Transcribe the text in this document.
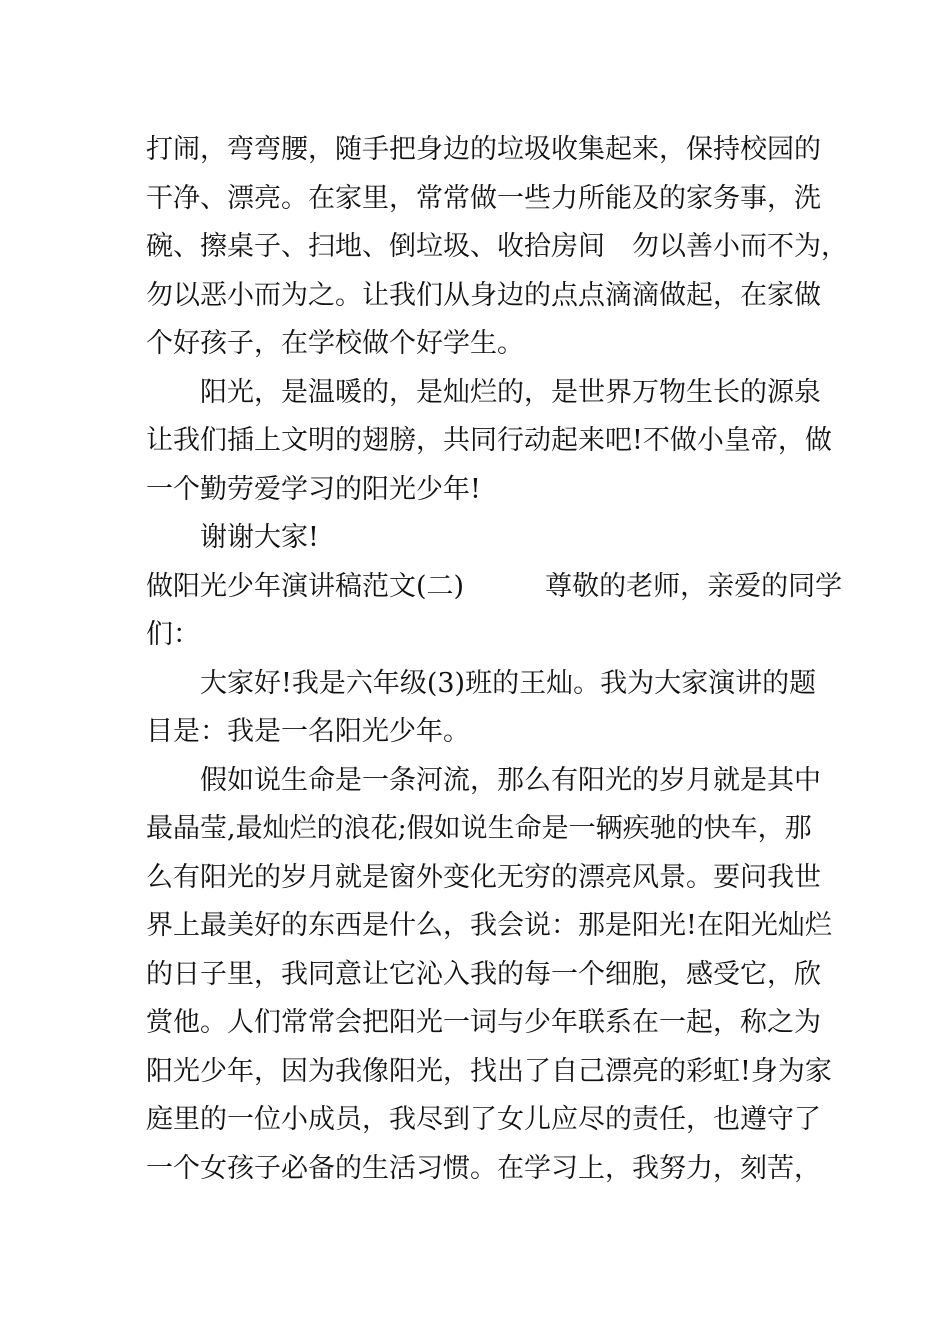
打闹，弯弯腰，随手把身边的垃圾收集起来，保持校园的
干净、漂亮。在家里，常常做一些力所能及的家务事，洗
碗、擦桌子、扫地、倒垃圾、收拾房间　勿以善小而不为，
勿以恶小而为之。让我们从身边的点点滴滴做起，在家做
个好孩子，在学校做个好学生。
阳光，是温暖的，是灿烂的，是世界万物生长的源泉
让我们插上文明的翅膀，共同行动起来吧!不做小皇帝，做
一个勤劳爱学习的阳光少年!
谢谢大家!
做阳光少年演讲稿范文(二)　　　尊敬的老师，亲爱的同学
们：
大家好!我是六年级(3)班的王灿。我为大家演讲的题
目是：我是一名阳光少年。
假如说生命是一条河流，那么有阳光的岁月就是其中
最晶莹,最灿烂的浪花;假如说生命是一辆疾驰的快车，那
么有阳光的岁月就是窗外变化无穷的漂亮风景。要问我世
界上最美好的东西是什么，我会说：那是阳光!在阳光灿烂
的日子里，我同意让它沁入我的每一个细胞，感受它，欣
赏他。人们常常会把阳光一词与少年联系在一起，称之为
阳光少年，因为我像阳光，找出了自己漂亮的彩虹!身为家
庭里的一位小成员，我尽到了女儿应尽的责任，也遵守了
一个女孩子必备的生活习惯。在学习上，我努力，刻苦，
